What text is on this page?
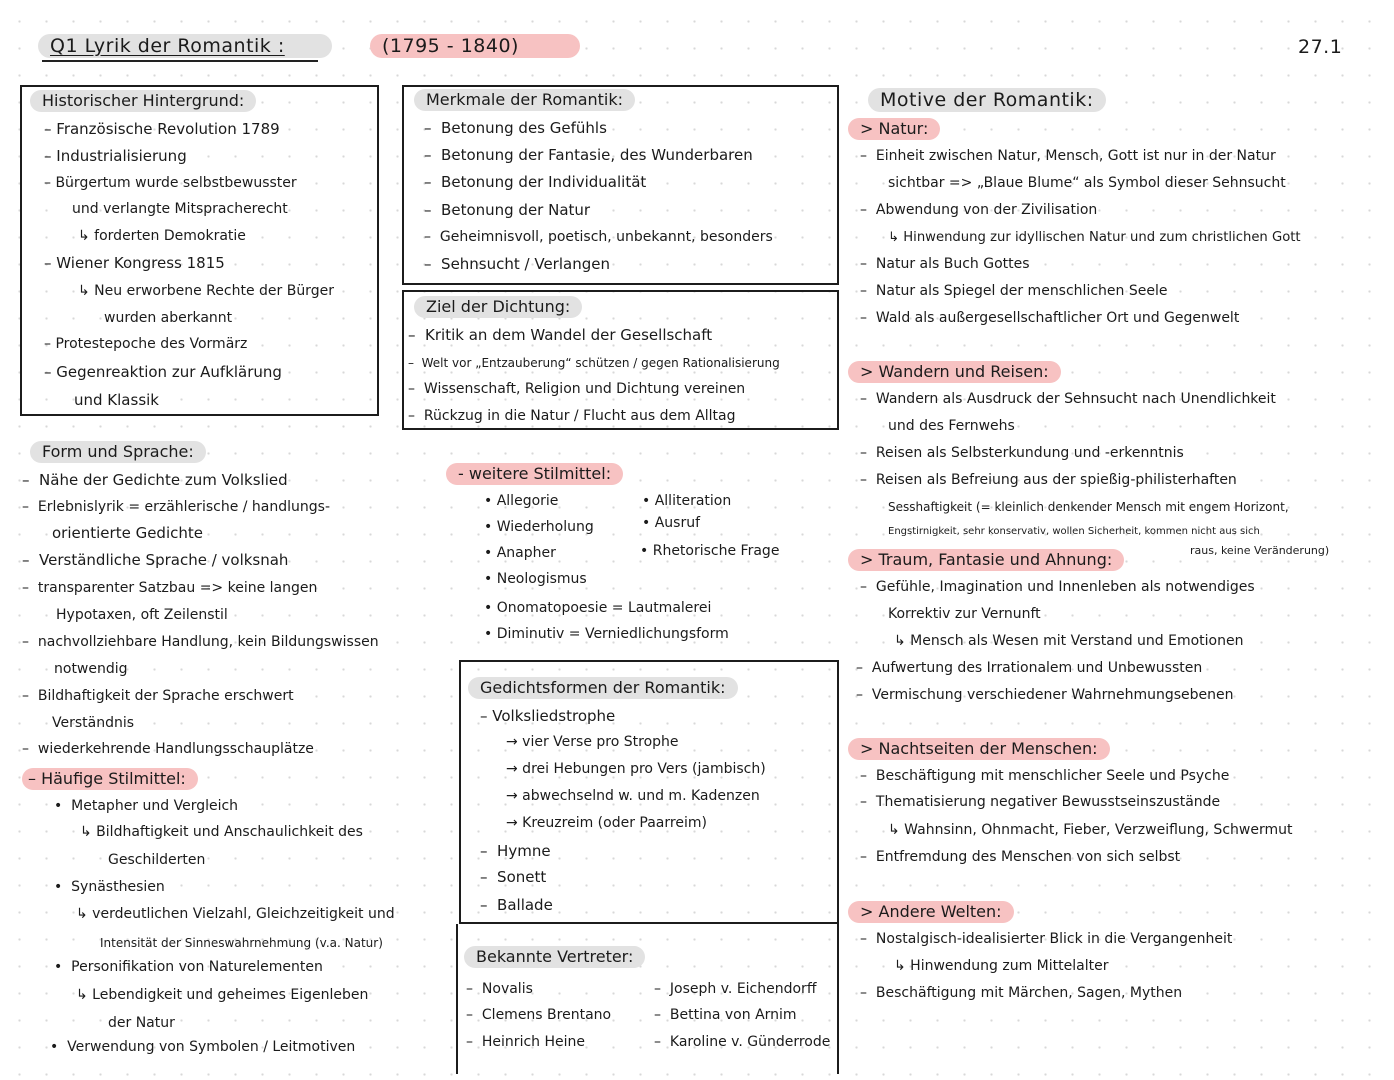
Q1 Lyrik der Romantik :	(1795 - 1840)	27.1
Historischer Hintergrund:
– Französische Revolution 1789
– Industrialisierung
– Bürgertum wurde selbstbewusster
und verlangte Mitspracherecht
↳ forderten Demokratie
– Wiener Kongress 1815
↳ Neu erworbene Rechte der Bürger
wurden aberkannt
– Protestepoche des Vormärz
– Gegenreaktion zur Aufklärung
und Klassik
Merkmale der Romantik:
–  Betonung des Gefühls
–  Betonung der Fantasie, des Wunderbaren
–  Betonung der Individualität
–  Betonung der Natur
–  Geheimnisvoll, poetisch, unbekannt, besonders
–  Sehnsucht / Verlangen
Ziel der Dichtung:
–  Kritik an dem Wandel der Gesellschaft
–  Welt vor „Entzauberung“ schützen / gegen Rationalisierung
–  Wissenschaft, Religion und Dichtung vereinen
–  Rückzug in die Natur / Flucht aus dem Alltag
Form und Sprache:
–  Nähe der Gedichte zum Volkslied
–  Erlebnislyrik = erzählerische / handlungs-
orientierte Gedichte
–  Verständliche Sprache / volksnah
–  transparenter Satzbau => keine langen
Hypotaxen, oft Zeilenstil
–  nachvollziehbare Handlung, kein Bildungswissen
notwendig
–  Bildhaftigkeit der Sprache erschwert
Verständnis
–  wiederkehrende Handlungsschauplätze
– Häufige Stilmittel:
•  Metapher und Vergleich
↳ Bildhaftigkeit und Anschaulichkeit des
Geschilderten
•  Synästhesien
↳ verdeutlichen Vielzahl, Gleichzeitigkeit und
Intensität der Sinneswahrnehmung (v.a. Natur)
•  Personifikation von Naturelementen
↳ Lebendigkeit und geheimes Eigenleben
der Natur
•  Verwendung von Symbolen / Leitmotiven
- weitere Stilmittel:
• Allegorie
• Wiederholung
• Anapher
• Neologismus
• Onomatopoesie = Lautmalerei
• Diminutiv = Verniedlichungsform
• Alliteration
• Ausruf
• Rhetorische Frage
Gedichtsformen der Romantik:
– Volksliedstrophe
→ vier Verse pro Strophe
→ drei Hebungen pro Vers (jambisch)
→ abwechselnd w. und m. Kadenzen
→ Kreuzreim (oder Paarreim)
–  Hymne
–  Sonett
–  Ballade
Bekannte Vertreter:
–  Novalis
–  Clemens Brentano
–  Heinrich Heine
–  Joseph v. Eichendorff
–  Bettina von Arnim
–  Karoline v. Günderrode
Motive der Romantik:
> Natur:
–  Einheit zwischen Natur, Mensch, Gott ist nur in der Natur
sichtbar => „Blaue Blume“ als Symbol dieser Sehnsucht
–  Abwendung von der Zivilisation
↳ Hinwendung zur idyllischen Natur und zum christlichen Gott
–  Natur als Buch Gottes
–  Natur als Spiegel der menschlichen Seele
–  Wald als außergesellschaftlicher Ort und Gegenwelt
> Wandern und Reisen:
–  Wandern als Ausdruck der Sehnsucht nach Unendlichkeit
und des Fernwehs
–  Reisen als Selbsterkundung und -erkenntnis
–  Reisen als Befreiung aus der spießig-philisterhaften
Sesshaftigkeit (= kleinlich denkender Mensch mit engem Horizont,
Engstirnigkeit, sehr konservativ, wollen Sicherheit, kommen nicht aus sich
raus, keine Veränderung)
> Traum, Fantasie und Ahnung:
–  Gefühle, Imagination und Innenleben als notwendiges
Korrektiv zur Vernunft
↳ Mensch als Wesen mit Verstand und Emotionen
–  Aufwertung des Irrationalem und Unbewussten
–  Vermischung verschiedener Wahrnehmungsebenen
> Nachtseiten der Menschen:
–  Beschäftigung mit menschlicher Seele und Psyche
–  Thematisierung negativer Bewusstseinszustände
↳ Wahnsinn, Ohnmacht, Fieber, Verzweiflung, Schwermut
–  Entfremdung des Menschen von sich selbst
> Andere Welten:
–  Nostalgisch-idealisierter Blick in die Vergangenheit
↳ Hinwendung zum Mittelalter
–  Beschäftigung mit Märchen, Sagen, Mythen
